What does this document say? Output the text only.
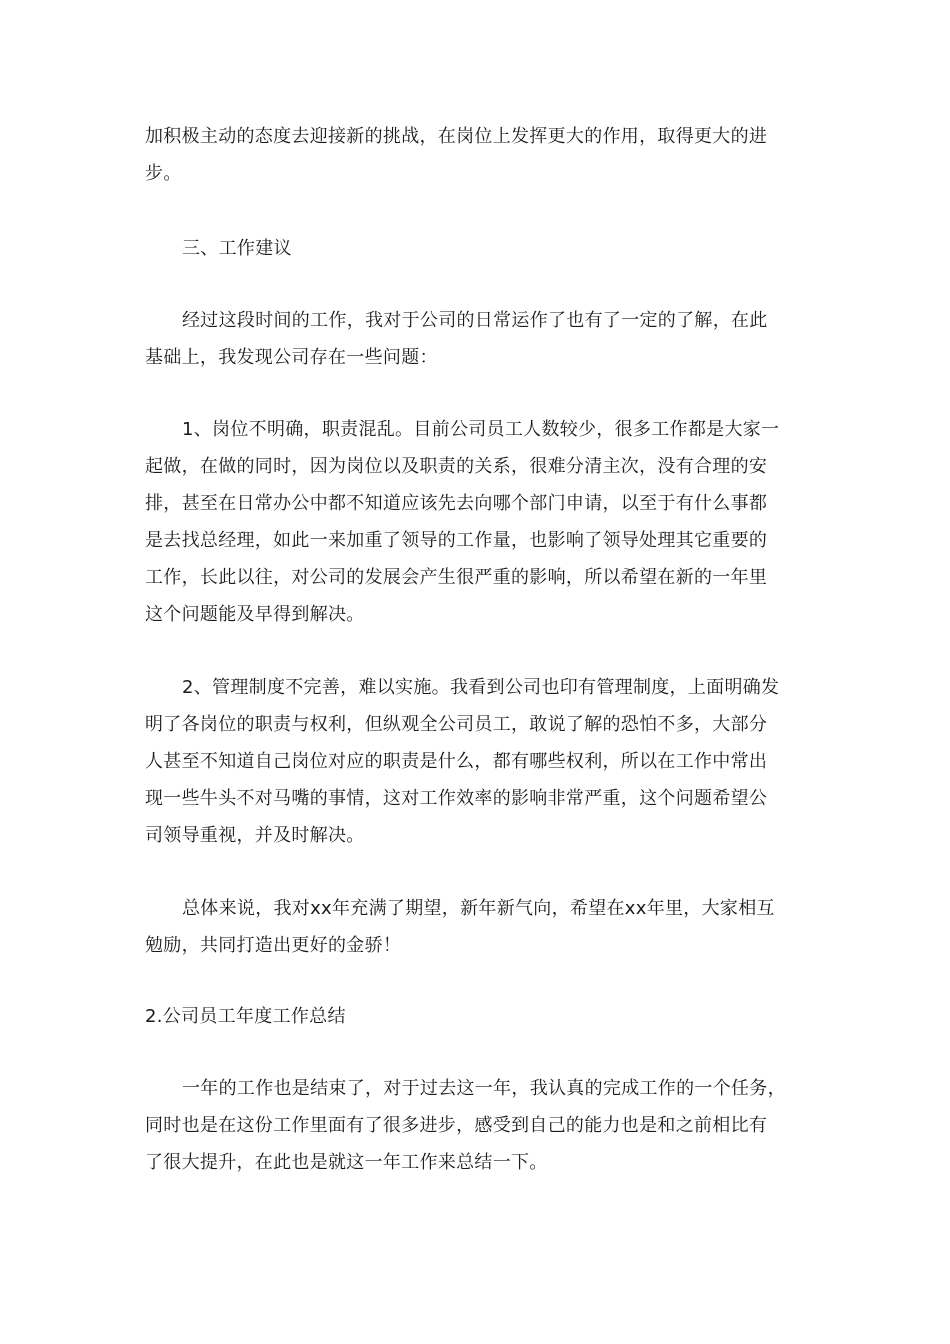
加积极主动的态度去迎接新的挑战，在岗位上发挥更大的作用，取得更大的进
步。

三、工作建议

经过这段时间的工作，我对于公司的日常运作了也有了一定的了解，在此
基础上，我发现公司存在一些问题：

1、岗位不明确，职责混乱。目前公司员工人数较少，很多工作都是大家一
起做，在做的同时，因为岗位以及职责的关系，很难分清主次，没有合理的安
排，甚至在日常办公中都不知道应该先去向哪个部门申请，以至于有什么事都
是去找总经理，如此一来加重了领导的工作量，也影响了领导处理其它重要的
工作，长此以往，对公司的发展会产生很严重的影响，所以希望在新的一年里
这个问题能及早得到解决。

2、管理制度不完善，难以实施。我看到公司也印有管理制度，上面明确发
明了各岗位的职责与权利，但纵观全公司员工，敢说了解的恐怕不多，大部分
人甚至不知道自己岗位对应的职责是什么，都有哪些权利，所以在工作中常出
现一些牛头不对马嘴的事情，这对工作效率的影响非常严重，这个问题希望公
司领导重视，并及时解决。

总体来说，我对xx年充满了期望，新年新气向，希望在xx年里，大家相互
勉励，共同打造出更好的金骄！

2.公司员工年度工作总结

一年的工作也是结束了，对于过去这一年，我认真的完成工作的一个任务，
同时也是在这份工作里面有了很多进步，感受到自己的能力也是和之前相比有
了很大提升，在此也是就这一年工作来总结一下。
